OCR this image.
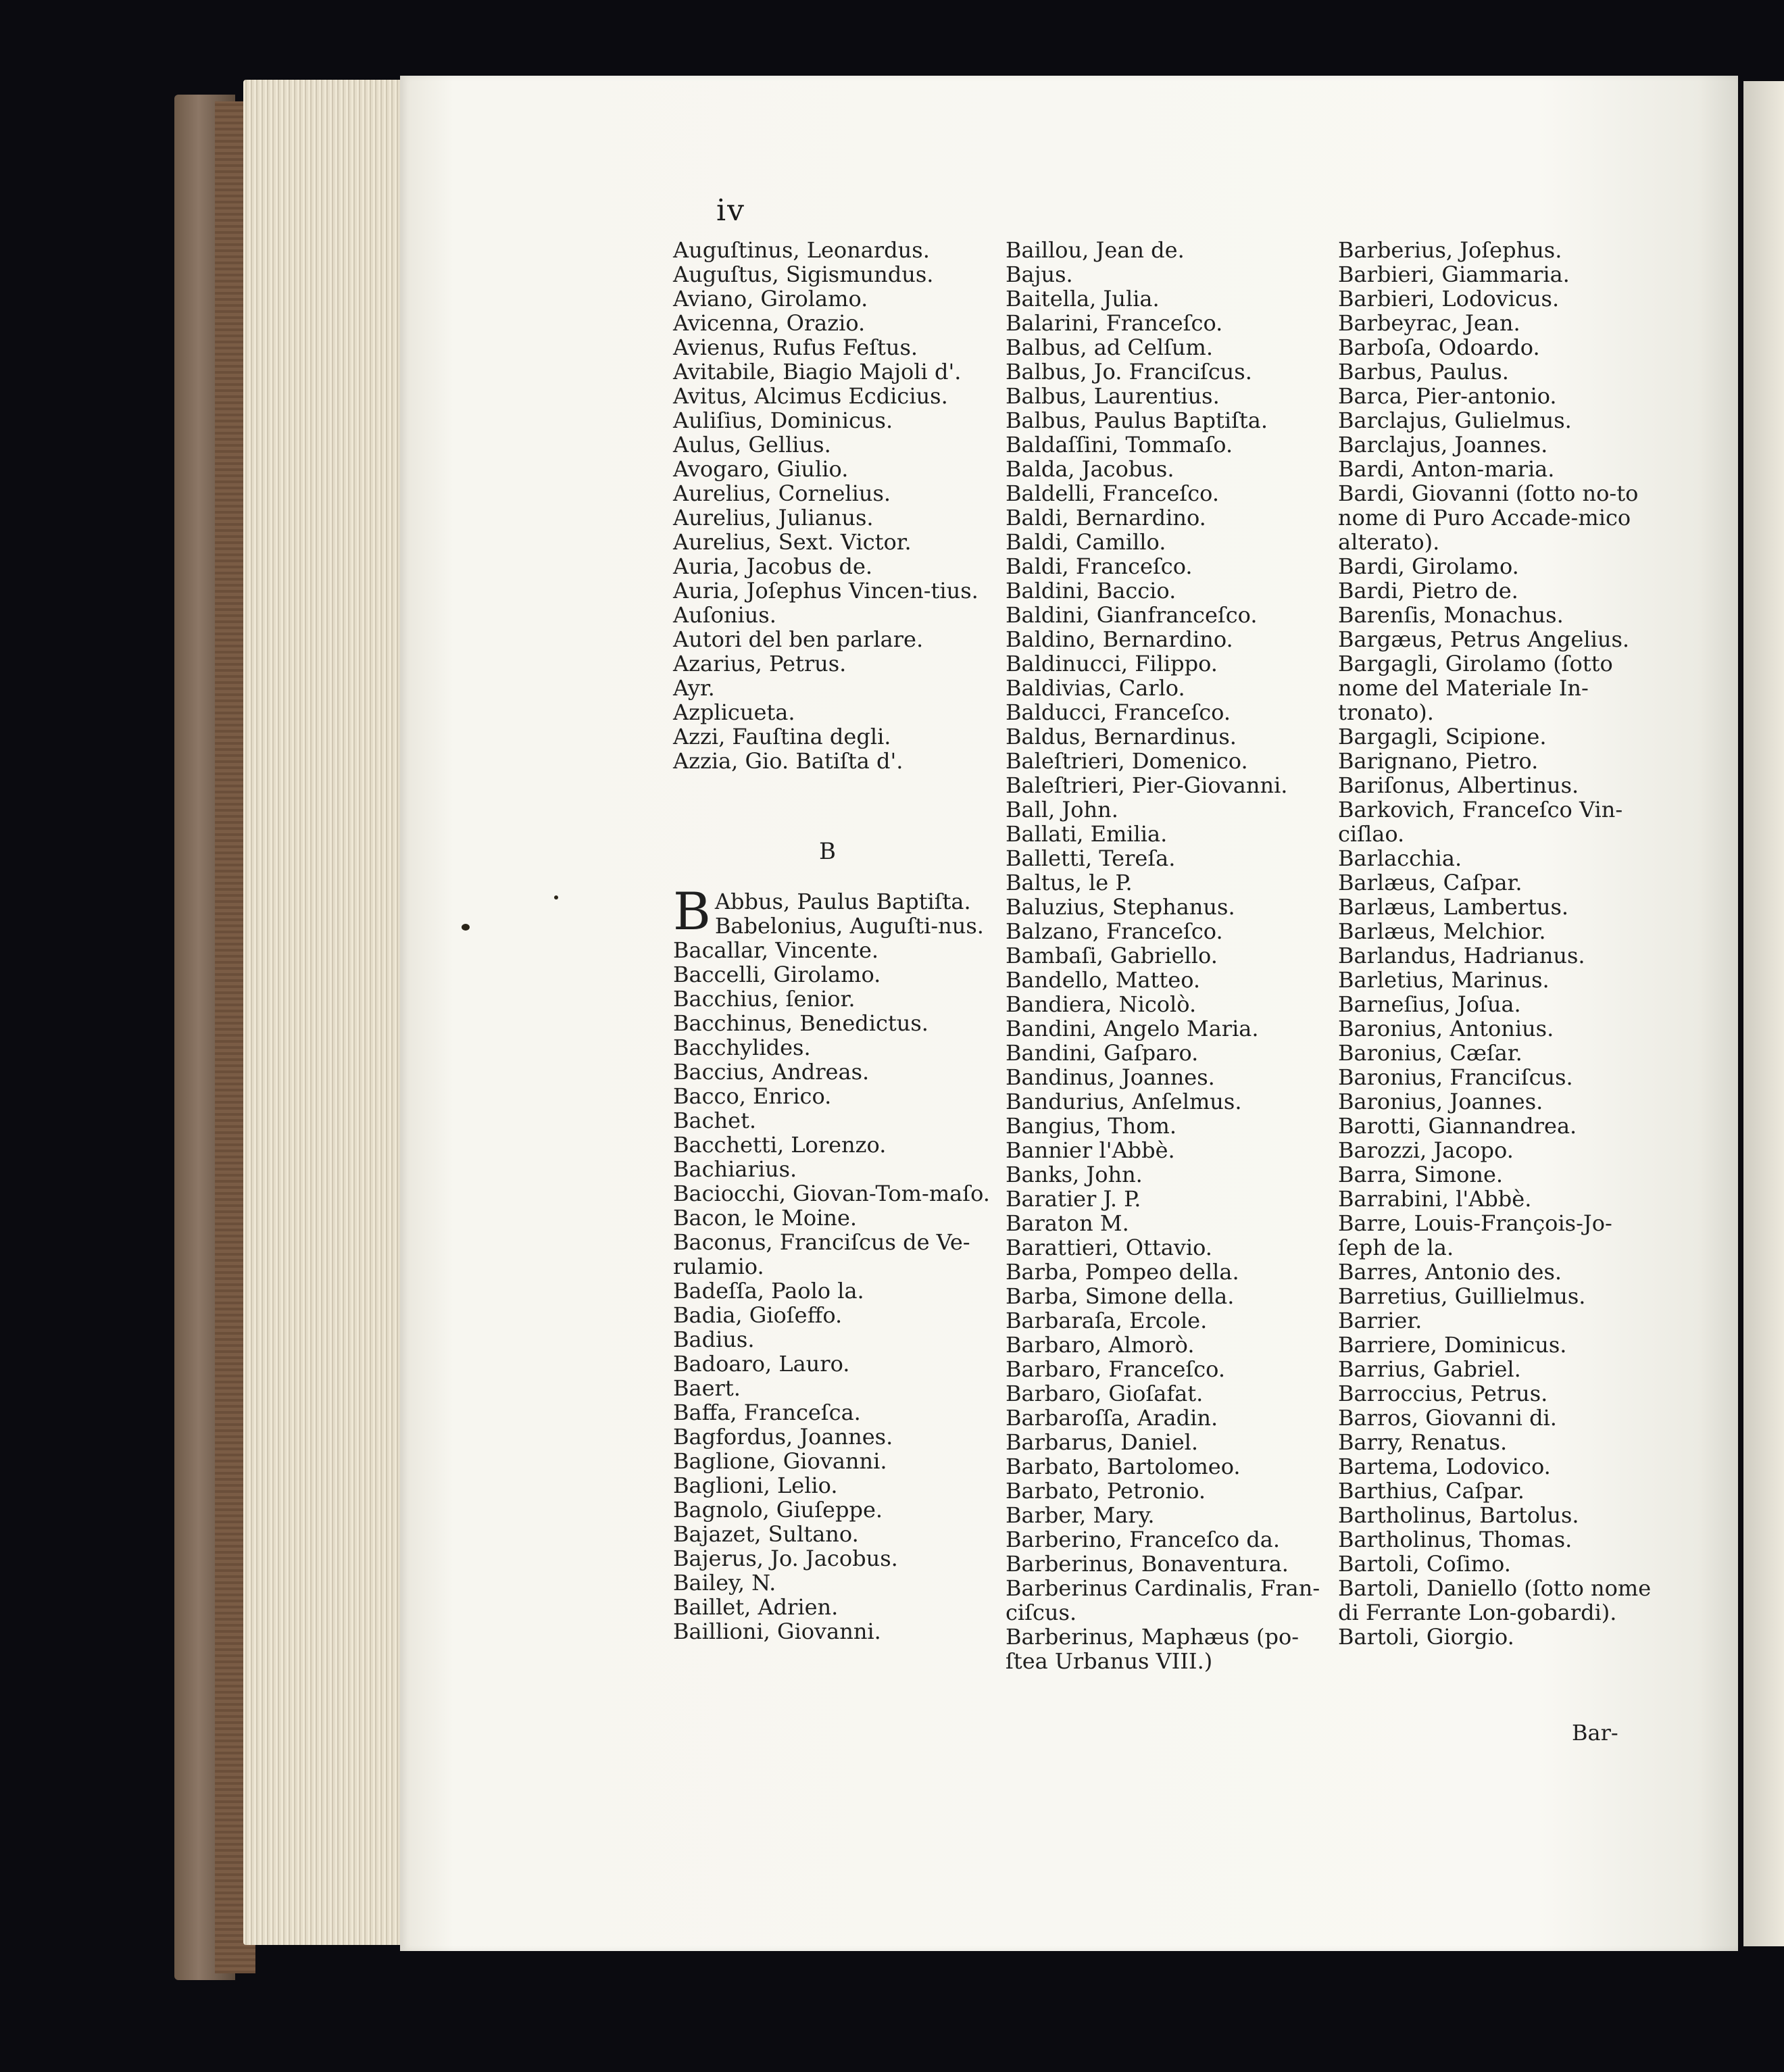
iv

Auguſtinus, Leonardus.

Auguſtus, Sigismundus.

Aviano, Girolamo.

Avicenna, Orazio.

Avienus, Rufus Feſtus.

Avitabile, Biagio Majoli d'.

Avitus, Alcimus Ecdicius.

Auliſius, Dominicus.

Aulus, Gellius.

Avogaro, Giulio.

Aurelius, Cornelius.

Aurelius, Julianus.

Aurelius, Sext. Victor.

Auria, Jacobus de.

Auria, Joſephus Vincen-tius.

Auſonius.

Autori del ben parlare.

Azarius, Petrus.

Ayr.

Azplicueta.

Azzi, Fauſtina degli.

Azzia, Gio. Batiſta d'.

B
B Abbus, Paulus Baptiſta.

Babelonius, Auguſti-nus.

Bacallar, Vincente.

Baccelli, Girolamo.

Bacchius, ſenior.

Bacchinus, Benedictus.

Bacchylides.

Baccius, Andreas.

Bacco, Enrico.

Bachet.

Bacchetti, Lorenzo.

Bachiarius.

Baciocchi, Giovan-Tom-maſo.

Bacon, le Moine.

Baconus, Franciſcus de Ve-rulamio.

Badeſſa, Paolo la.

Badia, Gioſeffo.

Badius.

Badoaro, Lauro.

Baert.

Baffa, Franceſca.

Bagfordus, Joannes.

Baglione, Giovanni.

Baglioni, Lelio.

Bagnolo, Giuſeppe.

Bajazet, Sultano.

Bajerus, Jo. Jacobus.

Bailey, N.

Baillet, Adrien.

Baillioni, Giovanni.

Baillou, Jean de.

Bajus.

Baitella, Julia.

Balarini, Franceſco.

Balbus, ad Celſum.

Balbus, Jo. Franciſcus.

Balbus, Laurentius.

Balbus, Paulus Baptiſta.

Baldaſſini, Tommaſo.

Balda, Jacobus.

Baldelli, Franceſco.

Baldi, Bernardino.

Baldi, Camillo.

Baldi, Franceſco.

Baldini, Baccio.

Baldini, Gianfranceſco.

Baldino, Bernardino.

Baldinucci, Filippo.

Baldivias, Carlo.

Balducci, Franceſco.

Baldus, Bernardinus.

Baleſtrieri, Domenico.

Baleſtrieri, Pier-Giovanni.

Ball, John.

Ballati, Emilia.

Balletti, Tereſa.

Baltus, le P.

Baluzius, Stephanus.

Balzano, Franceſco.

Bambaſi, Gabriello.

Bandello, Matteo.

Bandiera, Nicolò.

Bandini, Angelo Maria.

Bandini, Gaſparo.

Bandinus, Joannes.

Bandurius, Anſelmus.

Bangius, Thom.

Bannier l'Abbè.

Banks, John.

Baratier J. P.

Baraton M.

Barattieri, Ottavio.

Barba, Pompeo della.

Barba, Simone della.

Barbaraſa, Ercole.

Barbaro, Almorò.

Barbaro, Franceſco.

Barbaro, Gioſafat.

Barbaroſſa, Aradin.

Barbarus, Daniel.

Barbato, Bartolomeo.

Barbato, Petronio.

Barber, Mary.

Barberino, Franceſco da.

Barberinus, Bonaventura.

Barberinus Cardinalis, Fran-ciſcus.

Barberinus, Maphæus (po-ſtea Urbanus VIII.)

Barberius, Joſephus.

Barbieri, Giammaria.

Barbieri, Lodovicus.

Barbeyrac, Jean.

Barboſa, Odoardo.

Barbus, Paulus.

Barca, Pier-antonio.

Barclajus, Gulielmus.

Barclajus, Joannes.

Bardi, Anton-maria.

Bardi, Giovanni (ſotto no-to nome di Puro Accade-mico alterato).

Bardi, Girolamo.

Bardi, Pietro de.

Barenſis, Monachus.

Bargæus, Petrus Angelius.

Bargagli, Girolamo (ſotto nome del Materiale In-tronato).

Bargagli, Scipione.

Barignano, Pietro.

Bariſonus, Albertinus.

Barkovich, Franceſco Vin-ciſlao.

Barlacchia.

Barlæus, Caſpar.

Barlæus, Lambertus.

Barlæus, Melchior.

Barlandus, Hadrianus.

Barletius, Marinus.

Barneſius, Joſua.

Baronius, Antonius.

Baronius, Cæſar.

Baronius, Franciſcus.

Baronius, Joannes.

Barotti, Giannandrea.

Barozzi, Jacopo.

Barra, Simone.

Barrabini, l'Abbè.

Barre, Louis-François-Jo-ſeph de la.

Barres, Antonio des.

Barretius, Guillielmus.

Barrier.

Barriere, Dominicus.

Barrius, Gabriel.

Barroccius, Petrus.

Barros, Giovanni di.

Barry, Renatus.

Bartema, Lodovico.

Barthius, Caſpar.

Bartholinus, Bartolus.

Bartholinus, Thomas.

Bartoli, Coſimo.

Bartoli, Daniello (ſotto nome di Ferrante Lon-gobardi).

Bartoli, Giorgio.

Bar-
